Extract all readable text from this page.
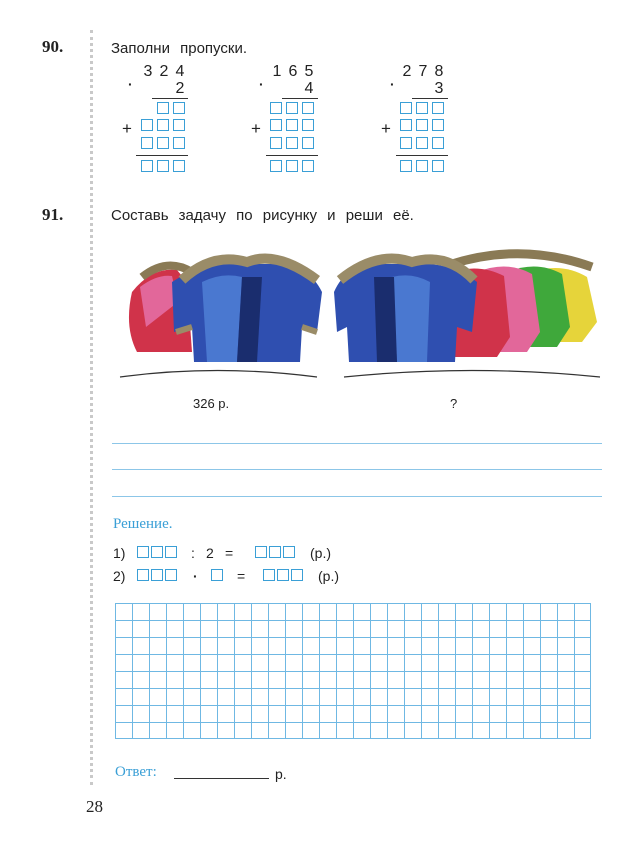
90.	Заполни пропуски.
3 2 4
·	2
+
1 6 5
·	4
+
2 7 8
· 3
+
91.	Составь задачу по рисунку и реши её.
326 р.	?
Решение.
1)	: 2 =	(р.)
2)	·	=	(р.)
Ответ:	р.
28
